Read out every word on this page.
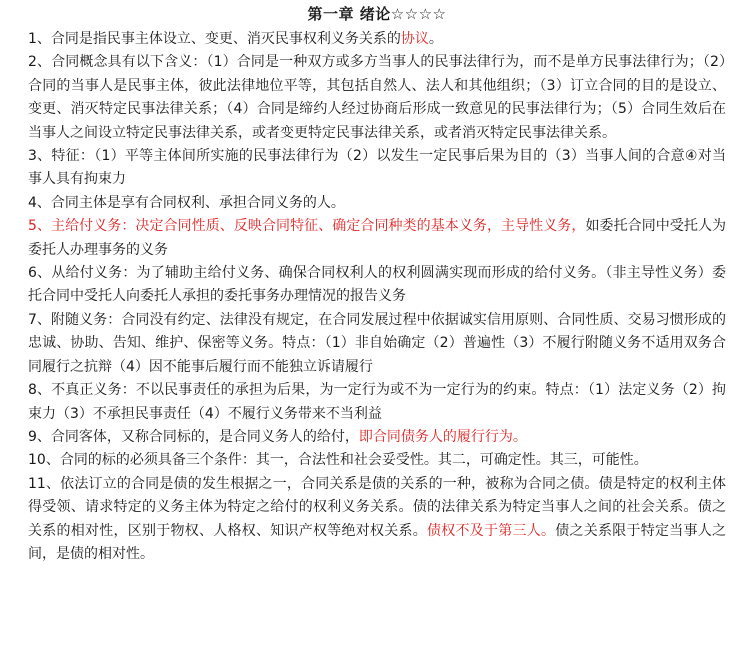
第一章 绪论☆☆☆☆

1、合同是指民事主体设立、变更、消灭民事权利义务关系的协议。

2、合同概念具有以下含义：（1）合同是一种双方或多方当事人的民事法律行为，而不是单方民事法律行为；（2）合同的当事人是民事主体，彼此法律地位平等，其包括自然人、法人和其他组织；（3）订立合同的目的是设立、变更、消灭特定民事法律关系；（4）合同是缔约人经过协商后形成一致意见的民事法律行为；（5）合同生效后在当事人之间设立特定民事法律关系，或者变更特定民事法律关系，或者消灭特定民事法律关系。

3、特征：（1）平等主体间所实施的民事法律行为（2）以发生一定民事后果为目的（3）当事人间的合意④对当事人具有拘束力

4、合同主体是享有合同权利、承担合同义务的人。

5、主给付义务：决定合同性质、反映合同特征、确定合同种类的基本义务，主导性义务，如委托合同中受托人为委托人办理事务的义务

6、从给付义务：为了辅助主给付义务、确保合同权利人的权利圆满实现而形成的给付义务。（非主导性义务）委托合同中受托人向委托人承担的委托事务办理情况的报告义务

7、附随义务：合同没有约定、法律没有规定，在合同发展过程中依据诚实信用原则、合同性质、交易习惯形成的忠诚、协助、告知、维护、保密等义务。特点：（1）非自始确定（2）普遍性（3）不履行附随义务不适用双务合同履行之抗辩（4）因不能事后履行而不能独立诉请履行

8、不真正义务：不以民事责任的承担为后果，为一定行为或不为一定行为的约束。特点：（1）法定义务（2）拘束力（3）不承担民事责任（4）不履行义务带来不当利益

9、合同客体，又称合同标的，是合同义务人的给付，即合同债务人的履行行为。

10、合同的标的必须具备三个条件：其一，合法性和社会妥受性。其二，可确定性。其三，可能性。

11、依法订立的合同是债的发生根据之一，合同关系是债的关系的一种，被称为合同之债。债是特定的权利主体得受领、请求特定的义务主体为特定之给付的权利义务关系。债的法律关系为特定当事人之间的社会关系。债之关系的相对性，区别于物权、人格权、知识产权等绝对权关系。债权不及于第三人。债之关系限于特定当事人之间，是债的相对性。
